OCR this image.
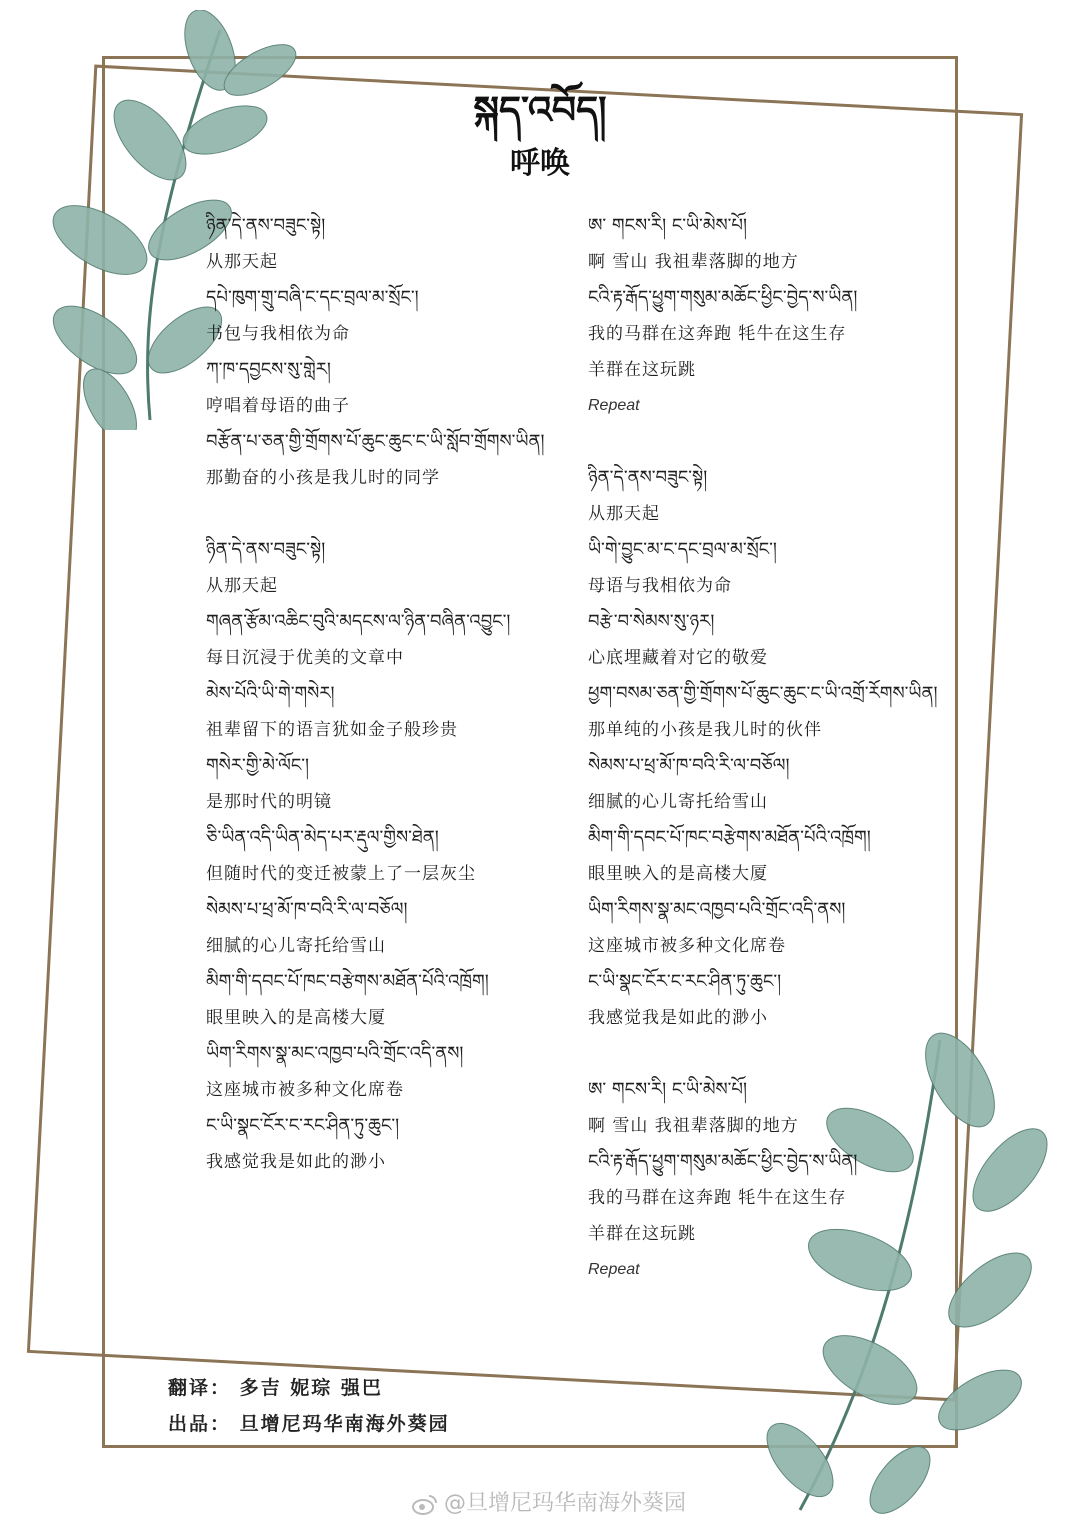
སྐད་འབོད།
呼唤
ཉིན་དེ་ནས་བཟུང་སྟེ།
从那天起
དཔེ་ཁུག་གྲུ་བཞི་ང་དང་བྲལ་མ་སྲོང་།
书包与我相依为命
ཀ་ཁ་དབྱངས་སུ་གླེར།
哼唱着母语的曲子
བརྩོན་པ་ཅན་གྱི་གྲོགས་པོ་ཆུང་ཆུང་ང་ཡི་སློབ་གྲོགས་ཡིན།
那勤奋的小孩是我儿时的同学
ཉིན་དེ་ནས་བཟུང་སྟེ།
从那天起
གཞན་རྩོམ་འཆིང་བུའི་མདངས་ལ་ཉིན་བཞིན་འབྱུང་།
每日沉浸于优美的文章中
མེས་པོའི་ཡི་གེ་གསེར།
祖辈留下的语言犹如金子般珍贵
གསེར་གྱི་མེ་ལོང་།
是那时代的明镜
ཅི་ཡིན་འདི་ཡིན་མེད་པར་རྡུལ་གྱིས་ཐེན།
但随时代的变迁被蒙上了一层灰尘
སེམས་པ་ཕྲ་མོ་ཁ་བའི་རི་ལ་བཅོལ།
细腻的心儿寄托给雪山
མིག་གི་དབང་པོ་ཁང་བརྩེགས་མཐོན་པོའི་འཁྲོག།
眼里映入的是高楼大厦
ཡིག་རིགས་སྣ་མང་འཁྱབ་པའི་གྲོང་འདི་ནས།
这座城市被多种文化席卷
ང་ཡི་སྣང་ངོར་ང་རང་ཤིན་ཏུ་ཆུང་།
我感觉我是如此的渺小
ཨ་ གངས་རི། ང་ཡི་མེས་པོ།
啊 雪山 我祖辈落脚的地方
ངའི་རྟ་རྒོད་ཕྱུག་གསུམ་མཆོང་ཕྱིང་བྱེད་ས་ཡིན།
我的马群在这奔跑 牦牛在这生存
羊群在这玩跳
Repeat
ཉིན་དེ་ནས་བཟུང་སྟེ།
从那天起
ཡི་གེ་བྱུང་མ་ང་དང་བྲལ་མ་སྲོང་།
母语与我相依为命
བརྩེ་བ་སེམས་སུ་ཉར།
心底埋藏着对它的敬爱
ཕྱག་བསམ་ཅན་གྱི་གྲོགས་པོ་ཆུང་ཆུང་ང་ཡི་འགྲོ་རོགས་ཡིན།
那单纯的小孩是我儿时的伙伴
སེམས་པ་ཕྲ་མོ་ཁ་བའི་རི་ལ་བཅོལ།
细腻的心儿寄托给雪山
མིག་གི་དབང་པོ་ཁང་བརྩེགས་མཐོན་པོའི་འཁྲོག།
眼里映入的是高楼大厦
ཡིག་རིགས་སྣ་མང་འཁྱབ་པའི་གྲོང་འདི་ནས།
这座城市被多种文化席卷
ང་ཡི་སྣང་ངོར་ང་རང་ཤིན་ཏུ་ཆུང་།
我感觉我是如此的渺小
ཨ་ གངས་རི། ང་ཡི་མེས་པོ།
啊 雪山 我祖辈落脚的地方
ངའི་རྟ་རྒོད་ཕྱུག་གསུམ་མཆོང་ཕྱིང་བྱེད་ས་ཡིན།
我的马群在这奔跑 牦牛在这生存
羊群在这玩跳
Repeat
翻译： 多吉 妮琮 强巴
出品： 旦增尼玛华南海外葵园
@旦增尼玛华南海外葵园
